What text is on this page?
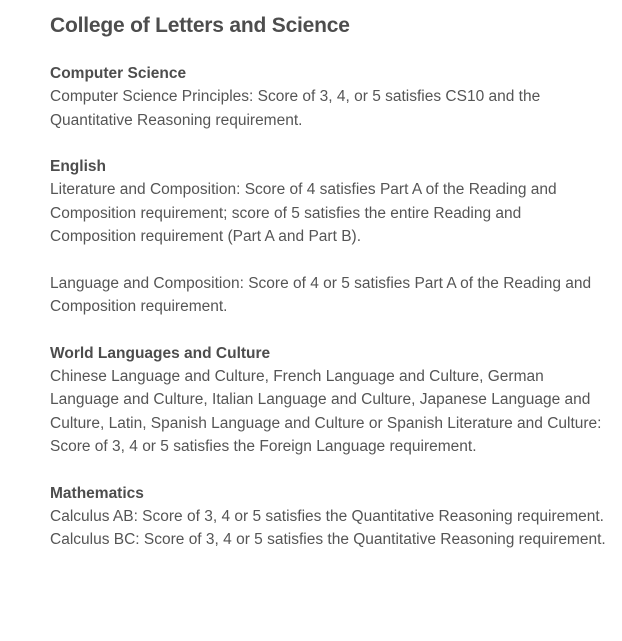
College of Letters and Science
Computer Science

Computer Science Principles: Score of 3, 4, or 5 satisfies CS10 and the Quantitative Reasoning requirement.

English

Literature and Composition: Score of 4 satisfies Part A of the Reading and Composition requirement; score of 5 satisfies the entire Reading and Composition requirement (Part A and Part B).

Language and Composition: Score of 4 or 5 satisfies Part A of the Reading and Composition requirement.

World Languages and Culture

Chinese Language and Culture, French Language and Culture, German Language and Culture, Italian Language and Culture, Japanese Language and Culture, Latin, Spanish Language and Culture or Spanish Literature and Culture: Score of 3, 4 or 5 satisfies the Foreign Language requirement.

Mathematics

Calculus AB: Score of 3, 4 or 5 satisfies the Quantitative Reasoning requirement.

Calculus BC: Score of 3, 4 or 5 satisfies the Quantitative Reasoning requirement.
